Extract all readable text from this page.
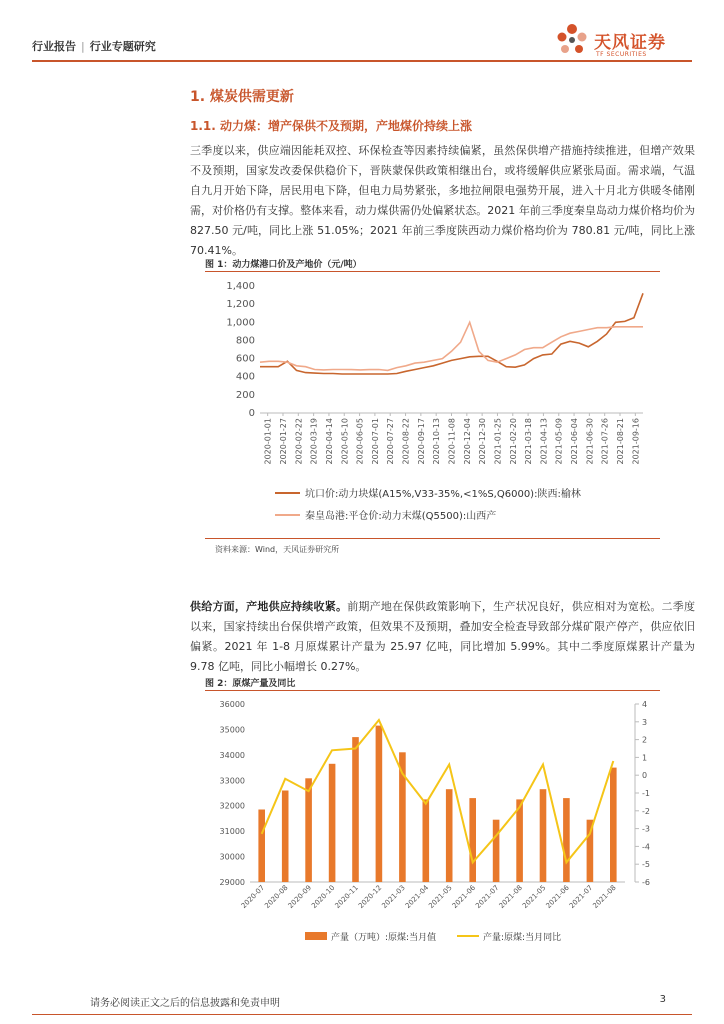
行业报告 | 行业专题研究	天风证券
TF SECURITIES
1. 煤炭供需更新
1.1. 动力煤：增产保供不及预期，产地煤价持续上涨
三季度以来，供应端因能耗双控、环保检查等因素持续偏紧，虽然保供增产措施持续推进，但增产效果不及预期，国家发改委保供稳价下，晋陕蒙保供政策相继出台，或将缓解供应紧张局面。需求端，气温自九月开始下降，居民用电下降，但电力局势紧张，多地拉闸限电强势开展，进入十月北方供暖冬储刚需，对价格仍有支撑。整体来看，动力煤供需仍处偏紧状态。2021 年前三季度秦皇岛动力煤价格均价为 827.50 元/吨，同比上涨 51.05%；2021 年前三季度陕西动力煤价格均价为 780.81 元/吨，同比上涨 70.41%。
图 1：动力煤港口价及产地价（元/吨）
0
200
400
600
800
1,000
1,200
1,400
2020-01-01 2020-01-27 2020-02-22 2020-03-19 2020-04-14 2020-05-10 2020-06-05 2020-07-01 2020-07-27 2020-08-22 2020-09-17 2020-10-13 2020-11-08 2020-12-04 2020-12-30 2021-01-25 2021-02-20 2021-03-18 2021-04-13 2021-05-09 2021-06-04 2021-06-30 2021-07-26 2021-08-21 2021-09-16
坑口价:动力块煤(A15%,V33-35%,<1%S,Q6000):陕西:榆林
秦皇岛港:平仓价:动力末煤(Q5500):山西产
资料来源：Wind，天风证券研究所
供给方面，产地供应持续收紧。前期产地在保供政策影响下，生产状况良好，供应相对为宽松。二季度以来，国家持续出台保供增产政策，但效果不及预期，叠加安全检查导致部分煤矿限产停产，供应依旧偏紧。2021 年 1-8 月原煤累计产量为 25.97 亿吨，同比增加 5.99%。其中二季度原煤累计产量为 9.78 亿吨，同比小幅增长 0.27%。
图 2：原煤产量及同比
29000
30000
31000
32000
33000
34000
35000
36000
-6
-5
-4
-3
-2
-1
0
1
2
3
4
2020-07
2020-08
2020-09
2020-10
2020-11
2020-12
2021-03
2021-04
2021-05
2021-06
2021-07
2021-08
2021-05
2021-06
2021-07
2021-08
产量（万吨）:原煤:当月值	产量:原煤:当月同比
请务必阅读正文之后的信息披露和免责申明	3
